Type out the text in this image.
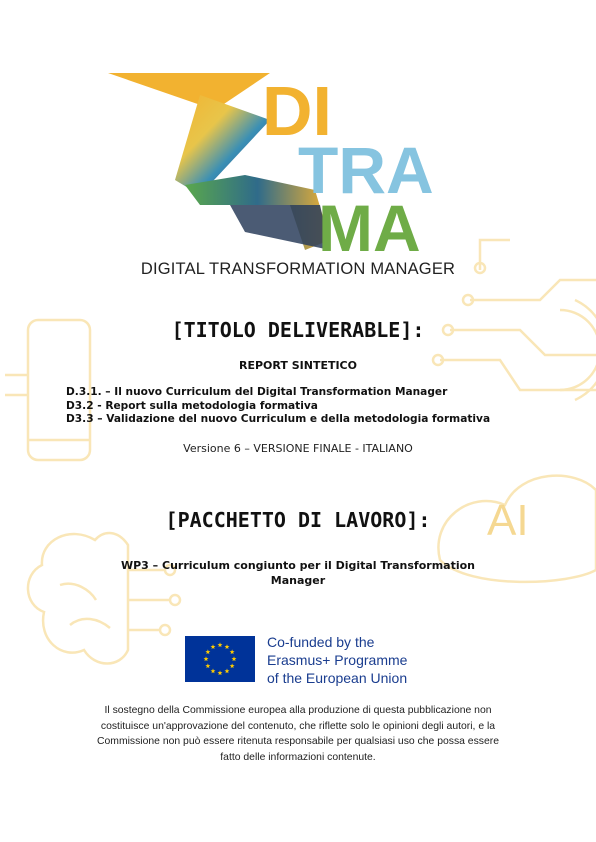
AI
DI
TRA
MA
DIGITAL TRANSFORMATION MANAGER
[TITOLO DELIVERABLE]:
REPORT SINTETICO
D.3.1. – Il nuovo Curriculum del Digital Transformation Manager
D3.2 - Report sulla metodologia formativa
D3.3 – Validazione del nuovo Curriculum e della metodologia formativa
Versione 6 – VERSIONE FINALE - ITALIANO
[PACCHETTO DI LAVORO]:
WP3 – Curriculum congiunto per il Digital Transformation
Manager
Co-funded by the
Erasmus+ Programme
of the European Union
Il sostegno della Commissione europea alla produzione di questa pubblicazione non
costituisce un'approvazione del contenuto, che riflette solo le opinioni degli autori, e la
Commissione non può essere ritenuta responsabile per qualsiasi uso che possa essere
fatto delle informazioni contenute.
